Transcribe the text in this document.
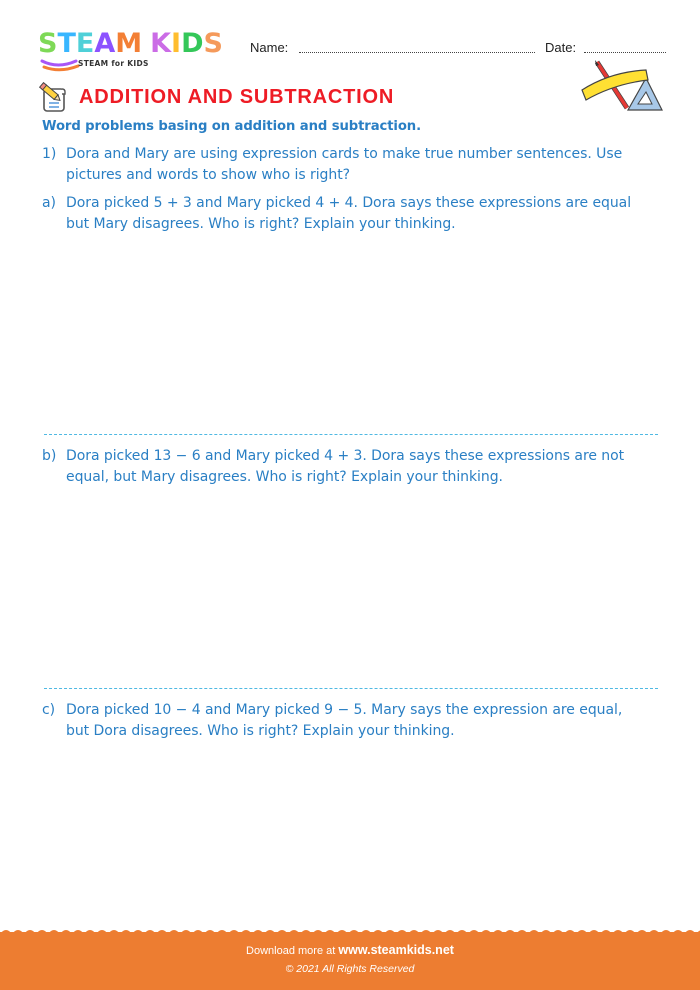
STEAM KIDS
STEAM for KIDS
Name:	Date:
ADDITION AND SUBTRACTION
Word problems basing on addition and subtraction.
1) Dora and Mary are using expression cards to make true number sentences. Use
pictures and words to show who is right?
a) Dora picked 5 + 3 and Mary picked 4 + 4. Dora says these expressions are equal
but Mary disagrees. Who is right? Explain your thinking.
b) Dora picked 13 − 6 and Mary picked 4 + 3. Dora says these expressions are not
equal, but Mary disagrees. Who is right? Explain your thinking.
c) Dora picked 10 − 4 and Mary picked 9 − 5. Mary says the expression are equal,
but Dora disagrees. Who is right? Explain your thinking.
Download more at www.steamkids.net
© 2021 All Rights Reserved
